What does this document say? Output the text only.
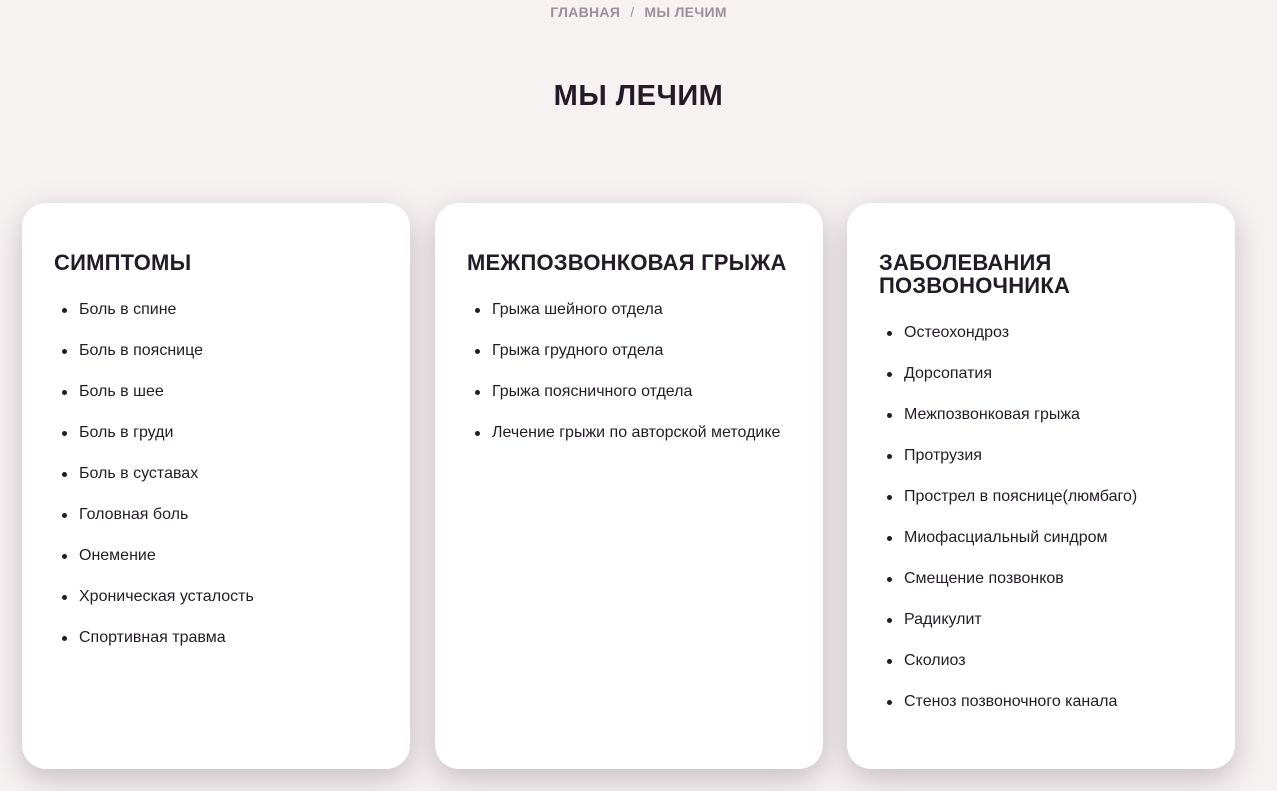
ГЛАВНАЯ / МЫ ЛЕЧИМ
МЫ ЛЕЧИМ
СИМПТОМЫ
Боль в спине
Боль в пояснице
Боль в шее
Боль в груди
Боль в суставах
Головная боль
Онемение
Хроническая усталость
Спортивная травма
МЕЖПОЗВОНКОВАЯ ГРЫЖА
Грыжа шейного отдела
Грыжа грудного отдела
Грыжа поясничного отдела
Лечение грыжи по авторской методике
ЗАБОЛЕВАНИЯ ПОЗВОНОЧНИКА
Остеохондроз
Дорсопатия
Межпозвонковая грыжа
Протрузия
Прострел в пояснице(люмбаго)
Миофасциальный синдром
Смещение позвонков
Радикулит
Сколиоз
Стеноз позвоночного канала
